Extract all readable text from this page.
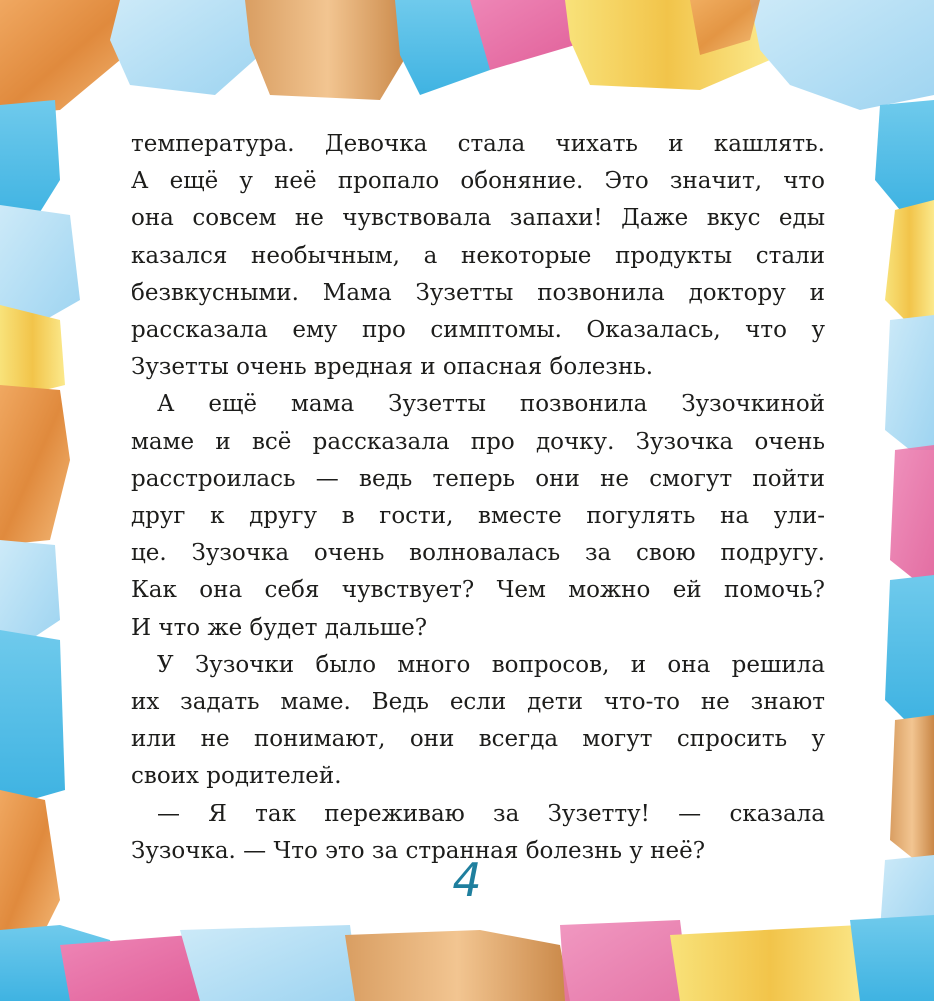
температура. Девочка стала чихать и кашлять.
А ещё у неё пропало обоняние. Это значит, что
она совсем не чувствовала запахи! Даже вкус еды
казался необычным, а некоторые продукты стали
безвкусными. Мама Зузетты позвонила доктору и
рассказала ему про симптомы. Оказалась, что у
Зузетты очень вредная и опасная болезнь.

А ещё мама Зузетты позвонила Зузочкиной
маме и всё рассказала про дочку. Зузочка очень
расстроилась — ведь теперь они не смогут пойти
друг к другу в гости, вместе погулять на ули-
це. Зузочка очень волновалась за свою подругу.
Как она себя чувствует? Чем можно ей помочь?
И что же будет дальше?

У Зузочки было много вопросов, и она решила
их задать маме. Ведь если дети что-то не знают
или не понимают, они всегда могут спросить у
своих родителей.

— Я так переживаю за Зузетту! — сказала
Зузочка. — Что это за странная болезнь у неё?

4
